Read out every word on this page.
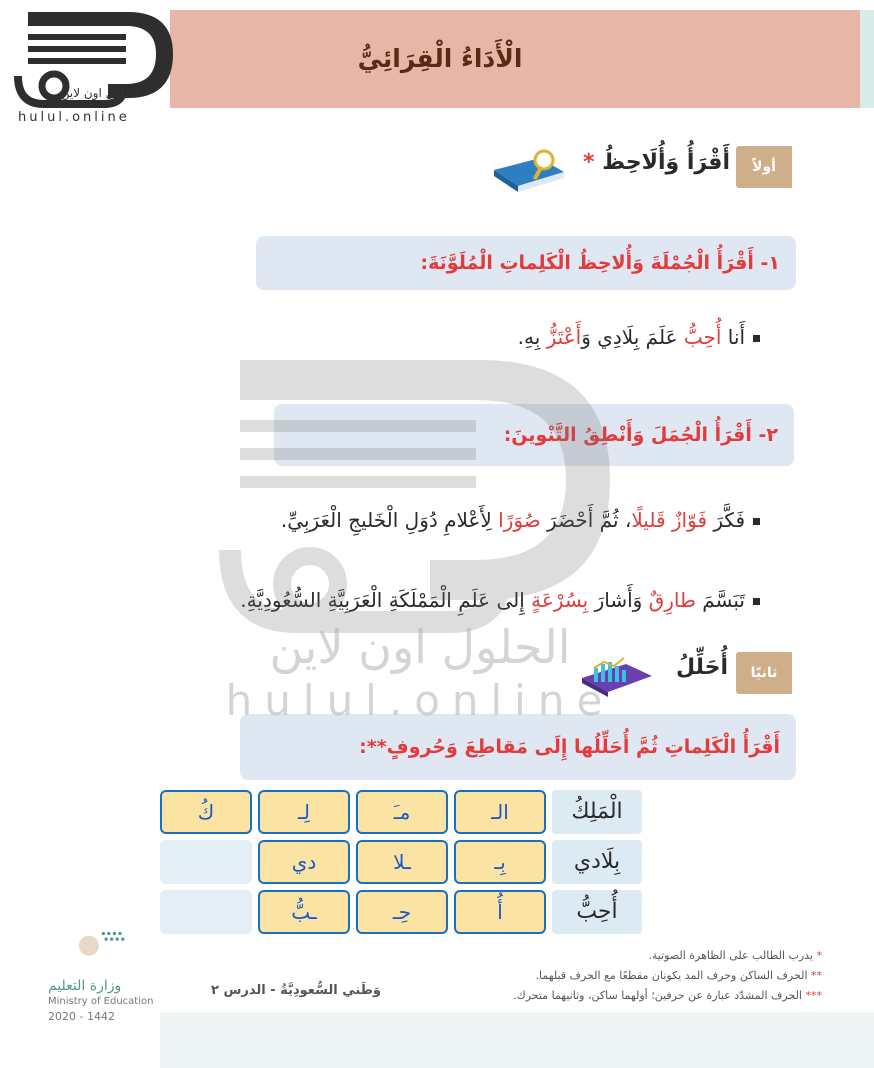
الْأَدَاءُ الْقِرَائِيُّ
الحلول اون لاين
hulul.online
أولاً
أَقْرَأُ وَأُلَاحِظُ *
١- أَقْرَأُ الْجُمْلَةَ وَأُلاحِظُ الْكَلِماتِ الْمُلَوَّنَةَ:
أَنا أُحِبُّ عَلَمَ بِلَادِي وَأَعْتَزُّ بِهِ.
٢- أَقْرَأُ الْجُمَلَ وَأَنْطِقُ التَّنْوينَ:
فَكَّرَ فَوّازٌ قَليلًا، ثُمَّ أَحْضَرَ صُوَرًا لِأَعْلامِ دُوَلِ الْخَليجِ الْعَرَبِيِّ.
تَبَسَّمَ طارِقٌ وَأَشارَ بِسُرْعَةٍ إِلى عَلَمِ الْمَمْلَكَةِ الْعَرَبِيَّةِ السُّعُودِيَّةِ.
ثانيًا
أُحَلِّلُ
أَقْرَأُ الْكَلِماتِ ثُمَّ أُحَلِّلُها إِلَى مَقاطِعَ وَحُروفٍ**:
الحلول اون لاين
hulul.online
الْمَلِكُ
الـ
مـَ
لِـ
كُ
بِلَادي
بِـ
ـلا
دي
أُحِبُّ
أُ
حِـ
ـبُّ
* يدرب الطالب على الظاهرة الصوتية.
** الحرف الساكن وحرف المد يكونان مقطعًا مع الحرف قبلهما.
*** الحرف المشدّد عبارة عن حرفين؛ أولهما ساكن، وثانيهما متحرك.
وَطَني السُّعودِيَّةُ - الدرس ٢
وزارة التعليم
Ministry of Education
2020 - 1442
